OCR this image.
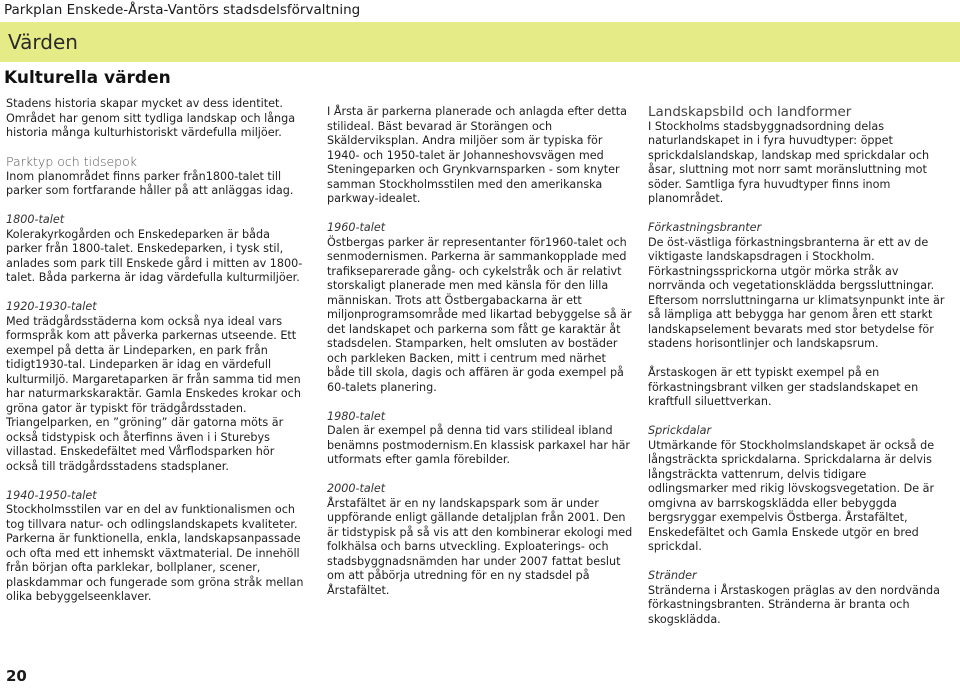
Parkplan Enskede-Årsta-Vantörs stadsdelsförvaltning
Värden
Kulturella värden
Stadens historia skapar mycket av dess identitet. Området har genom sitt tydliga landskap och långa historia många kulturhistoriskt värdefulla miljöer.
Parktyp och tidsepok
Inom planområdet finns parker från1800-talet till parker som fortfarande håller på att anläggas idag.
1800-talet
Kolerakyrkogården och Enskedeparken är båda parker från 1800-talet. Enskedeparken, i tysk stil, anlades som park till Enskede gård i mitten av 1800-talet. Båda parkerna är idag värdefulla kulturmiljöer.
1920-1930-talet
Med trädgårdsstäderna kom också nya ideal vars formspråk kom att påverka parkernas utseende. Ett exempel på detta är Lindeparken, en park från tidigt1930-tal. Lindeparken är idag en värdefull kulturmiljö. Margaretaparken är från samma tid men har naturmarkskaraktär. Gamla Enskedes krokar och gröna gator är typiskt för trädgårdsstaden. Triangelparken, en ”gröning” där gatorna möts är också tidstypisk och återfinns även i i Sturebys villastad. Enskedefältet med Vårflodsparken hör också till trädgårdsstadens stadsplaner.
1940-1950-talet
Stockholmsstilen var en del av funktionalismen och tog tillvara natur- och odlingslandskapets kvaliteter. Parkerna är funktionella, enkla, landskapsanpassade och ofta med ett inhemskt växtmaterial. De innehöll från början ofta parklekar, bollplaner, scener, plaskdammar och fungerade som gröna stråk mellan olika bebyggelseenklaver.
I Årsta är parkerna planerade och anlagda efter detta stilideal. Bäst bevarad är Storängen och Skälderviksplan. Andra miljöer som är typiska för 1940- och 1950-talet är Johanneshovsvägen med Steningeparken och Grynkvarnsparken - som knyter samman Stockholmsstilen med den amerikanska parkway-idealet.
1960-talet
Östbergas parker är representanter för1960-talet och senmodernismen. Parkerna är sammankopplade med trafikseparerade gång- och cykelstråk och är relativt storskaligt planerade men med känsla för den lilla människan. Trots att Östbergabackarna är ett miljonprogramsområde med likartad bebyggelse så är det landskapet och parkerna som fått ge karaktär åt stadsdelen. Stamparken, helt omsluten av bostäder och parkleken Backen, mitt i centrum med närhet både till skola, dagis och affären är goda exempel på 60-talets planering.
1980-talet
Dalen är exempel på denna tid vars stilideal ibland benämns postmodernism.En klassisk parkaxel har här utformats efter gamla förebilder.
2000-talet
Årstafältet är en ny landskapspark som är under uppförande enligt gällande detaljplan från 2001. Den är tidstypisk på så vis att den kombinerar ekologi med folkhälsa och barns utveckling. Exploaterings- och stadsbyggnadsnämden har under 2007 fattat beslut om att påbörja utredning för en ny stadsdel på Årstafältet.
Landskapsbild och landformer
I Stockholms stadsbyggnadsordning delas naturlandskapet in i fyra huvudtyper: öppet sprickdalslandskap, landskap med sprickdalar och åsar, sluttning mot norr samt moränsluttning mot söder. Samtliga fyra huvudtyper finns inom planområdet.
Förkastningsbranter
De öst-västliga förkastningsbranterna är ett av de viktigaste landskapsdragen i Stockholm. Förkastningssprickorna utgör mörka stråk av norrvända och vegetationsklädda bergssluttningar. Eftersom norrsluttningarna ur klimatsynpunkt inte är så lämpliga att bebygga har genom åren ett starkt landskapselement bevarats med stor betydelse för stadens horisontlinjer och landskapsrum.
Årstaskogen är ett typiskt exempel på en förkastningsbrant vilken ger stadslandskapet en kraftfull siluettverkan.
Sprickdalar
Utmärkande för Stockholmslandskapet är också de långsträckta sprickdalarna. Sprickdalarna är delvis långsträckta vattenrum, delvis tidigare odlingsmarker med rikig lövskogsvegetation. De är omgivna av barrskogsklädda eller bebyggda bergsryggar exempelvis Östberga. Årstafältet, Enskedefältet och Gamla Enskede utgör en bred sprickdal.
Stränder
Stränderna i Årstaskogen präglas av den nordvända förkastningsbranten. Stränderna är branta och skogsklädda.
20
